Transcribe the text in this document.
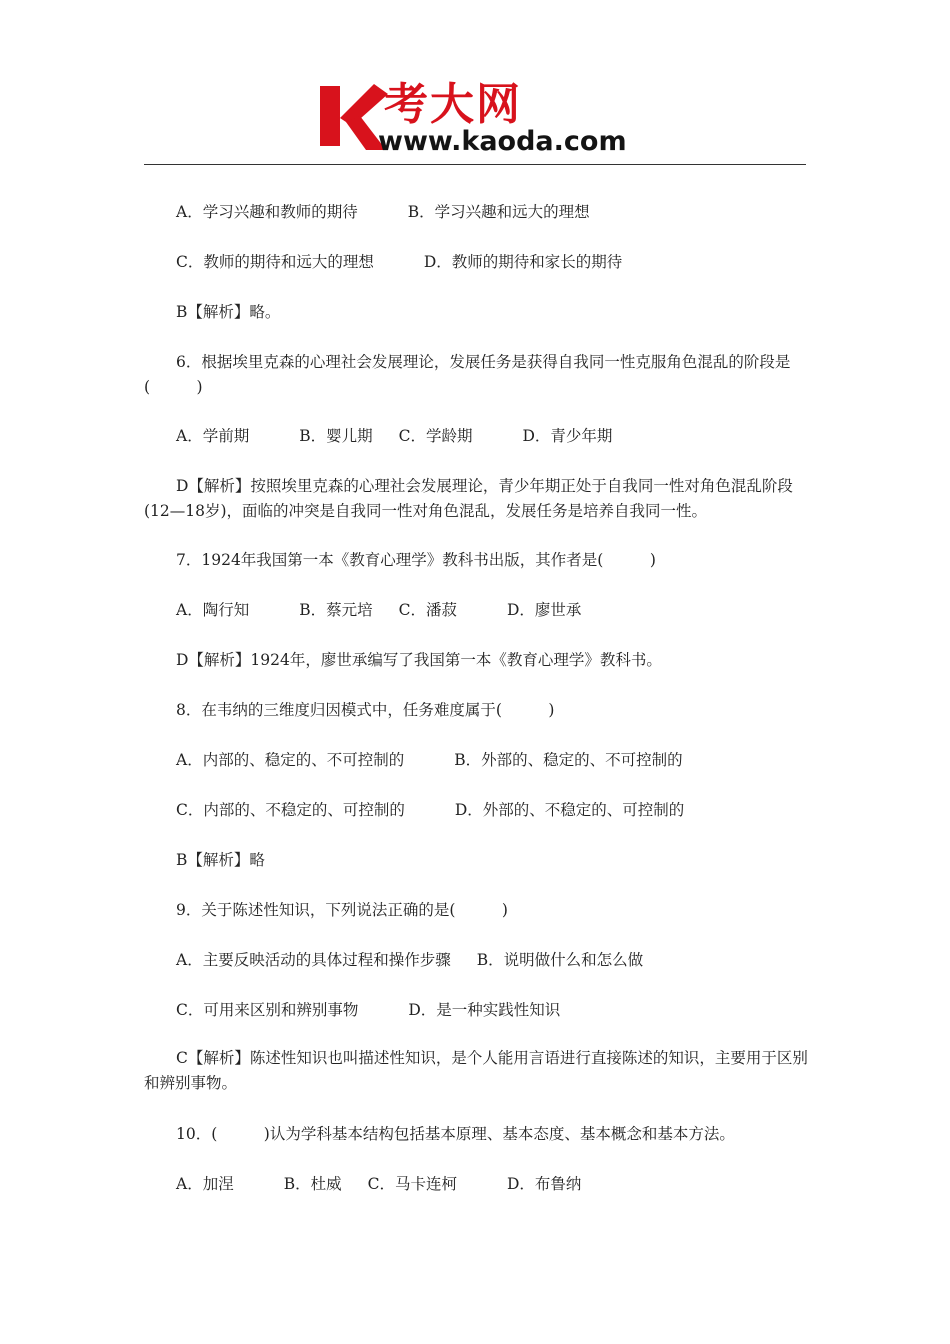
考大网
www.kaoda.com
A．学习兴趣和教师的期待	B．学习兴趣和远大的理想
C．教师的期待和远大的理想	D．教师的期待和家长的期待
B【解析】略。
6．根据埃里克森的心理社会发展理论，发展任务是获得自我同一性克服角色混乱的阶段是(　　　)
A．学前期	B．婴儿期 C．学龄期	D．青少年期
D【解析】按照埃里克森的心理社会发展理论，青少年期正处于自我同一性对角色混乱阶段(12—18岁)，面临的冲突是自我同一性对角色混乱，发展任务是培养自我同一性。
7．1924年我国第一本《教育心理学》教科书出版，其作者是(　　　)
A．陶行知	B．蔡元培 C．潘菽	D．廖世承
D【解析】1924年，廖世承编写了我国第一本《教育心理学》教科书。
8．在韦纳的三维度归因模式中，任务难度属于(　　　)
A．内部的、稳定的、不可控制的	B．外部的、稳定的、不可控制的
C．内部的、不稳定的、可控制的	D．外部的、不稳定的、可控制的
B【解析】略
9．关于陈述性知识，下列说法正确的是(　　　)
A．主要反映活动的具体过程和操作步骤 B．说明做什么和怎么做
C．可用来区别和辨别事物	D．是一种实践性知识
C【解析】陈述性知识也叫描述性知识，是个人能用言语进行直接陈述的知识，主要用于区别和辨别事物。
10．(　　　)认为学科基本结构包括基本原理、基本态度、基本概念和基本方法。
A．加涅	B．杜威 C．马卡连柯	D．布鲁纳
